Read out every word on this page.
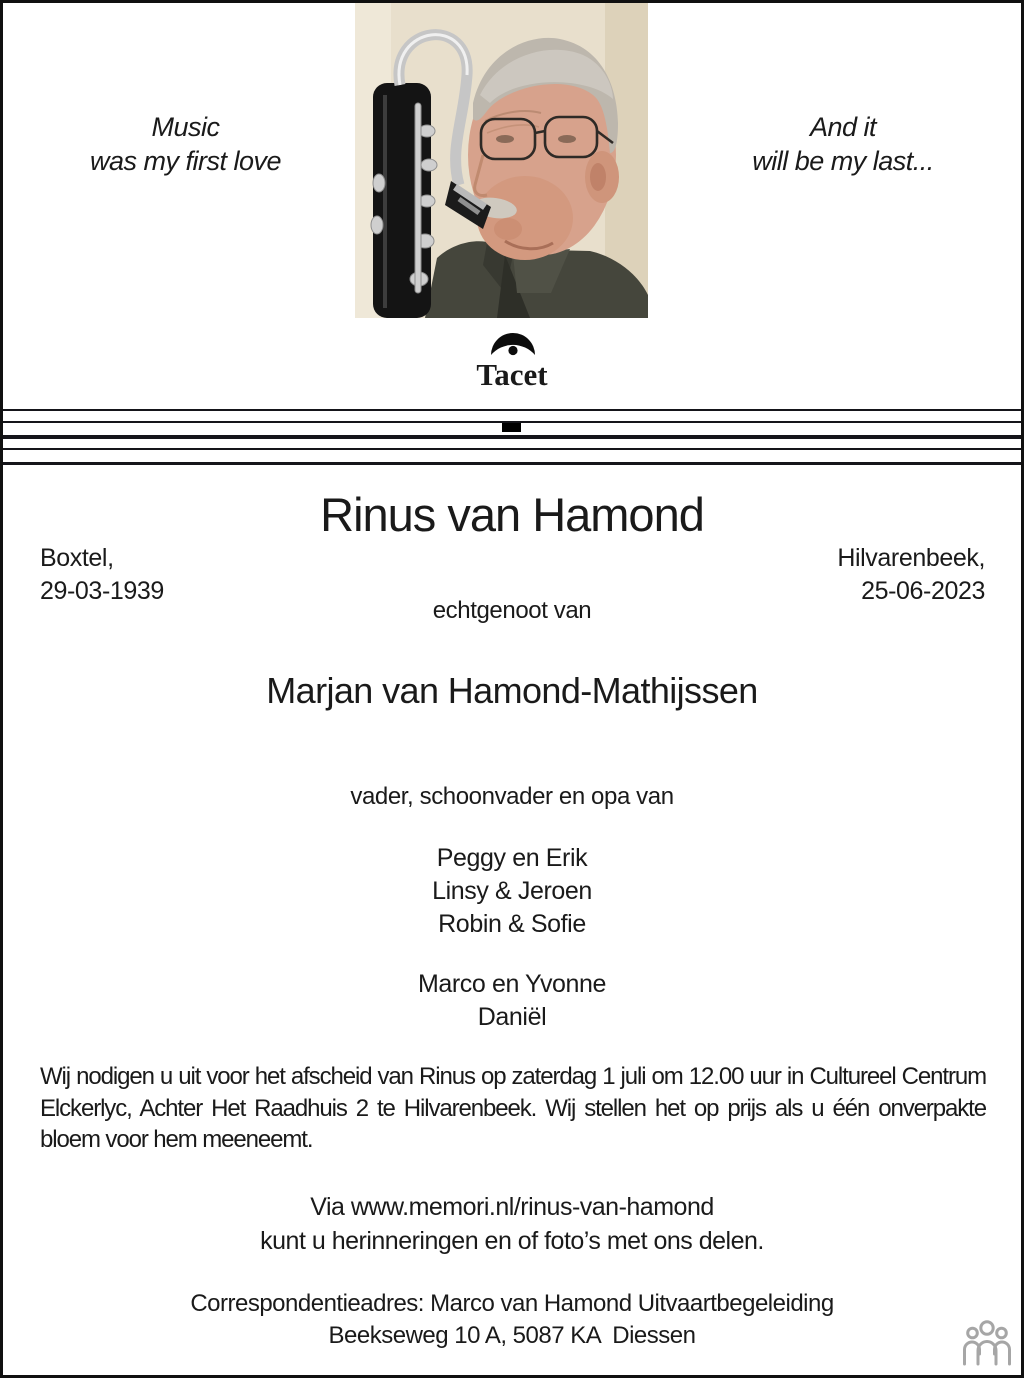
Music
was my first love
And it
will be my last...
Tacet
Rinus van Hamond
Boxtel,
29-03-1939
Hilvarenbeek,
25-06-2023
echtgenoot van
Marjan van Hamond-Mathijssen
vader, schoonvader en opa van
Peggy en Erik
Linsy & Jeroen
Robin & Sofie
Marco en Yvonne
Daniël
Wij nodigen u uit voor het afscheid van Rinus op zaterdag 1 juli om 12.00 uur in Cultureel Centrum Elckerlyc, Achter Het Raadhuis 2 te Hilvarenbeek. Wij stellen het op prijs als u één onverpakte bloem voor hem meeneemt.
Via www.memori.nl/rinus-van-hamond
kunt u herinneringen en of foto’s met ons delen.
Correspondentieadres: Marco van Hamond Uitvaartbegeleiding
Beekseweg 10 A, 5087 KA  Diessen
